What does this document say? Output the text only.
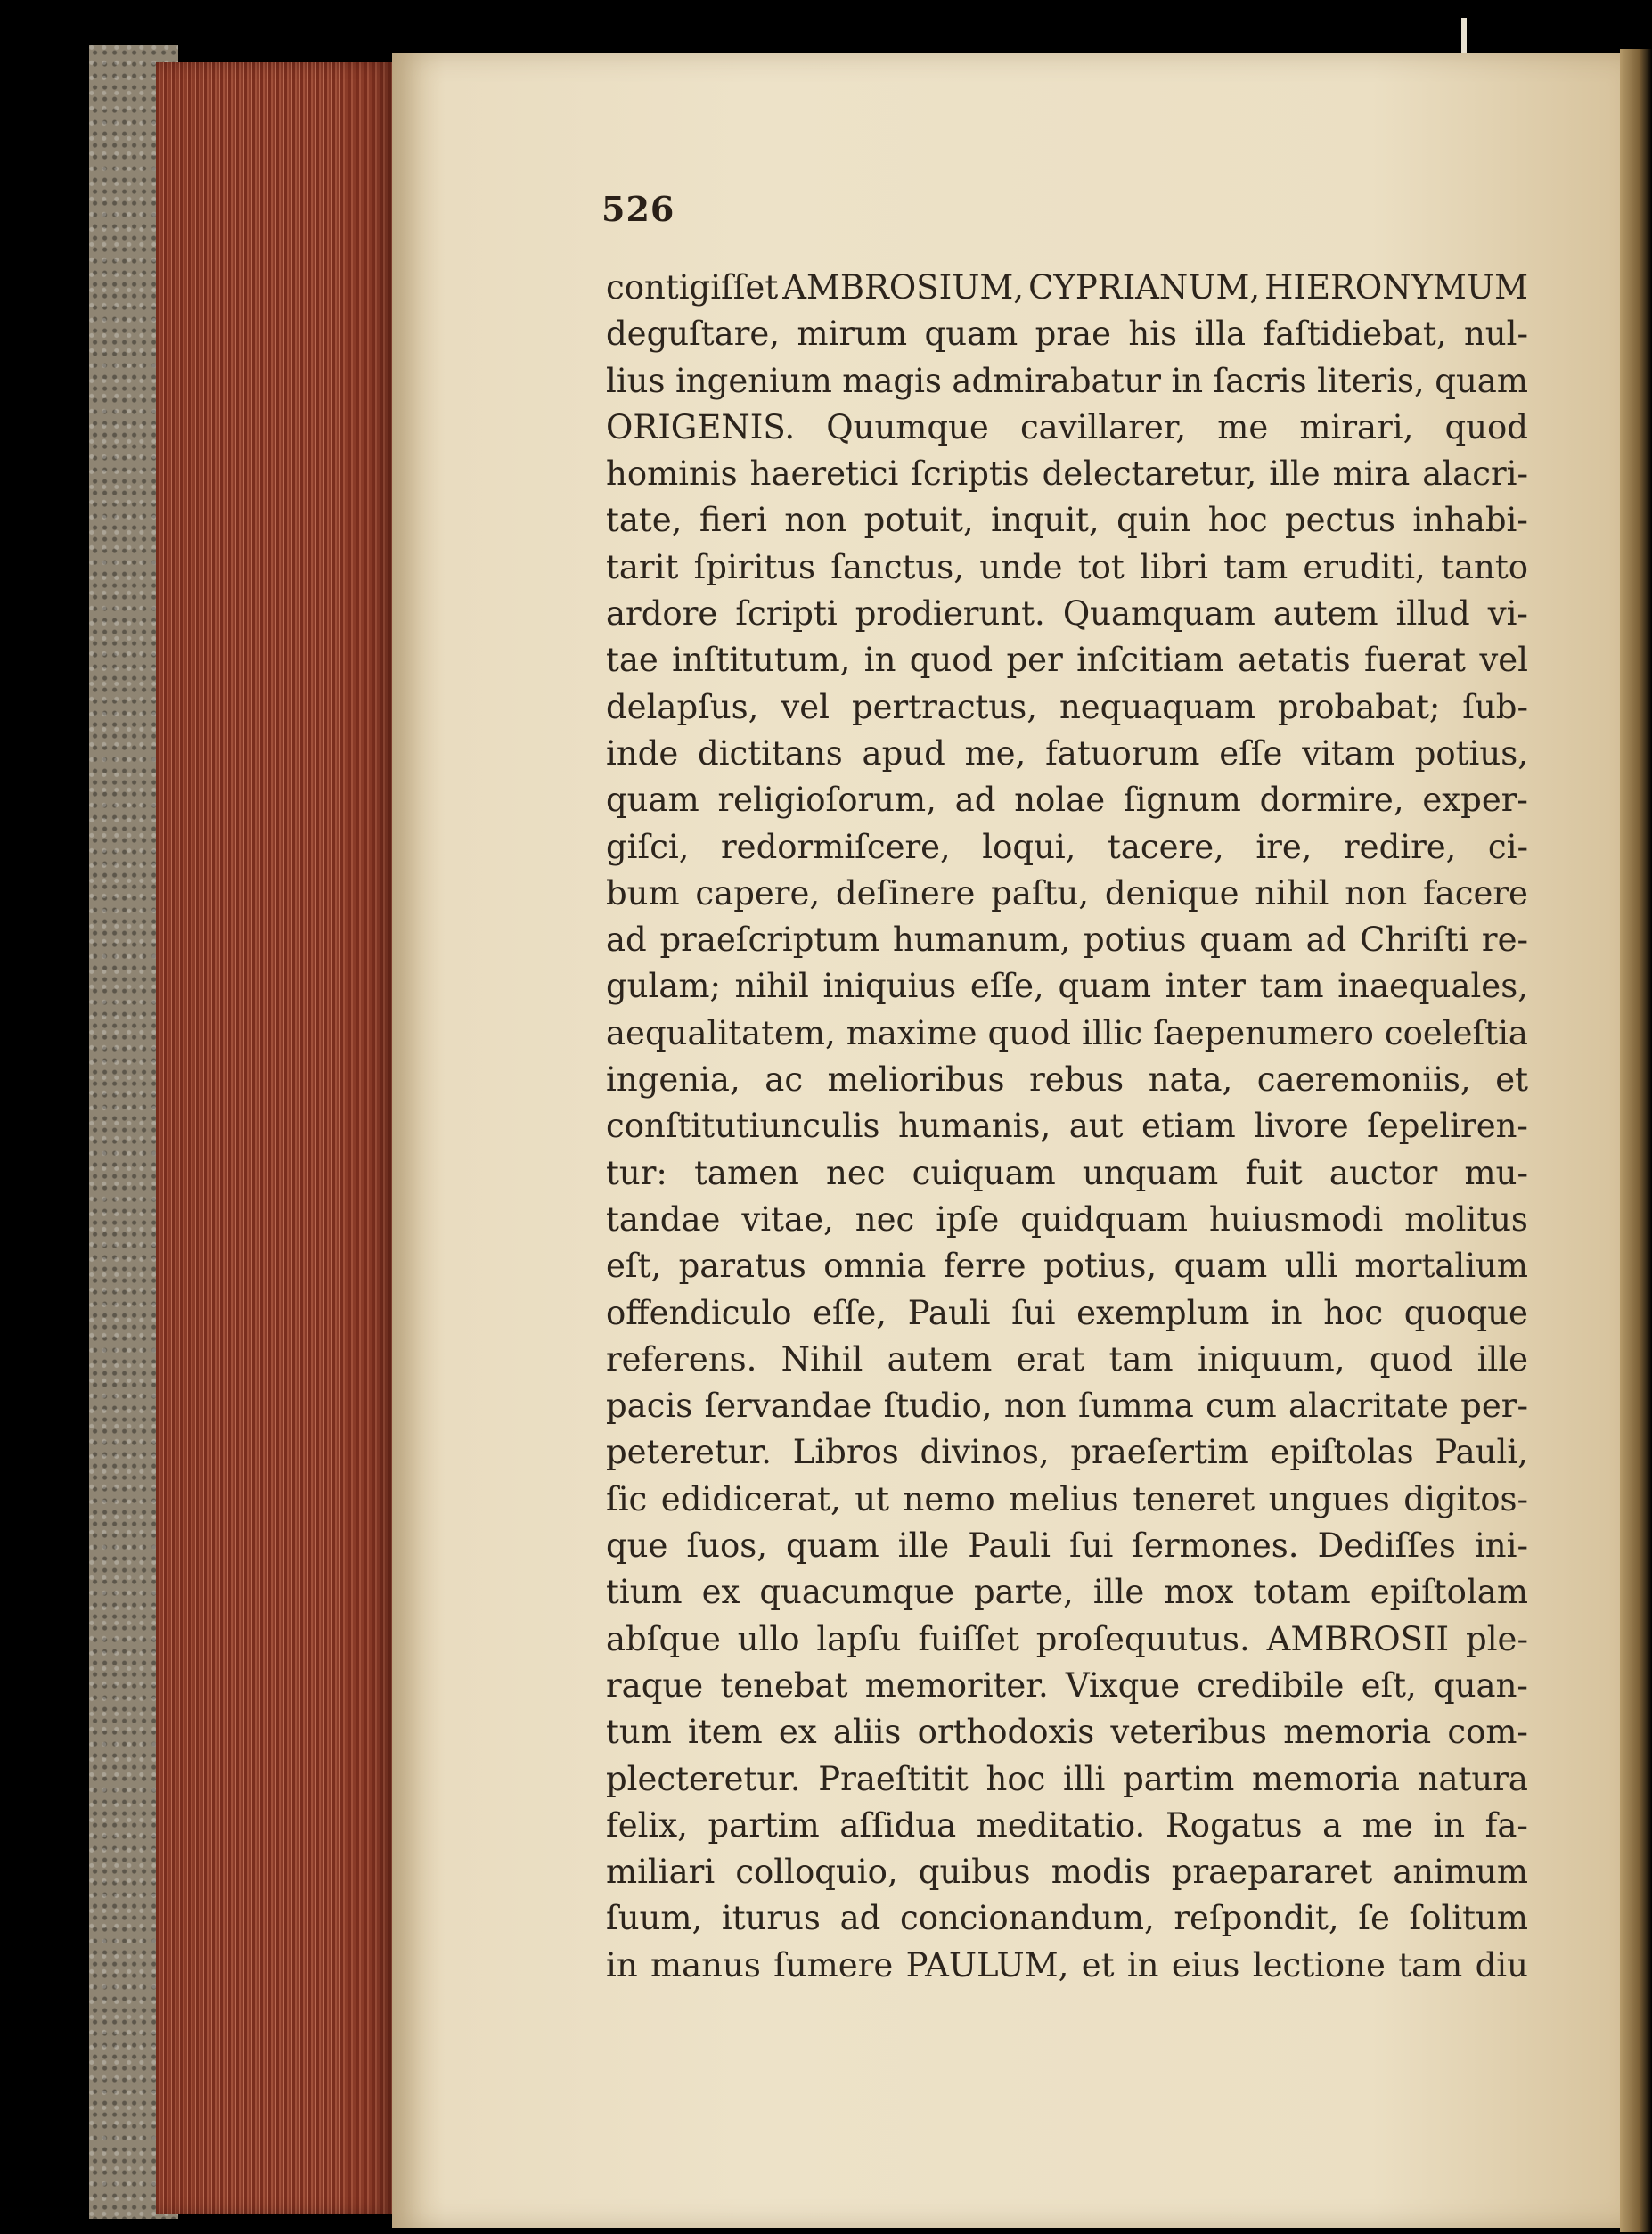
526
contigiſſet AMBROSIUM, CYPRIANUM, HIERONYMUM
deguſtare, mirum quam prae his illa faſtidiebat, nul-
lius ingenium magis admirabatur in ſacris literis, quam
ORIGENIS. Quumque cavillarer, me mirari, quod
hominis haeretici ſcriptis delectaretur, ille mira alacri-
tate, fieri non potuit, inquit, quin hoc pectus inhabi-
tarit ſpiritus ſanctus, unde tot libri tam eruditi, tanto
ardore ſcripti prodierunt. Quamquam autem illud vi-
tae inſtitutum, in quod per inſcitiam aetatis fuerat vel
delapſus, vel pertractus, nequaquam probabat; ſub-
inde dictitans apud me, fatuorum eſſe vitam potius,
quam religioſorum, ad nolae ſignum dormire, exper-
giſci, redormiſcere, loqui, tacere, ire, redire, ci-
bum capere, deſinere paſtu, denique nihil non facere
ad praeſcriptum humanum, potius quam ad Chriſti re-
gulam; nihil iniquius eſſe, quam inter tam inaequales,
aequalitatem, maxime quod illic ſaepenumero coeleſtia
ingenia, ac melioribus rebus nata, caeremoniis, et
conſtitutiunculis humanis, aut etiam livore ſepeliren-
tur: tamen nec cuiquam unquam fuit auctor mu-
tandae vitae, nec ipſe quidquam huiusmodi molitus
eſt, paratus omnia ferre potius, quam ulli mortalium
offendiculo eſſe, Pauli ſui exemplum in hoc quoque
referens. Nihil autem erat tam iniquum, quod ille
pacis ſervandae ſtudio, non ſumma cum alacritate per-
peteretur. Libros divinos, praeſertim epiſtolas Pauli,
ſic edidicerat, ut nemo melius teneret ungues digitos-
que ſuos, quam ille Pauli ſui ſermones. Dediſſes ini-
tium ex quacumque parte, ille mox totam epiſtolam
abſque ullo lapſu fuiſſet proſequutus. AMBROSII ple-
raque tenebat memoriter. Vixque credibile eſt, quan-
tum item ex aliis orthodoxis veteribus memoria com-
plecteretur. Praeſtitit hoc illi partim memoria natura
felix, partim aſſidua meditatio. Rogatus a me in fa-
miliari colloquio, quibus modis praepararet animum
ſuum, iturus ad concionandum, reſpondit, ſe ſolitum
in manus ſumere PAULUM, et in eius lectione tam diu
